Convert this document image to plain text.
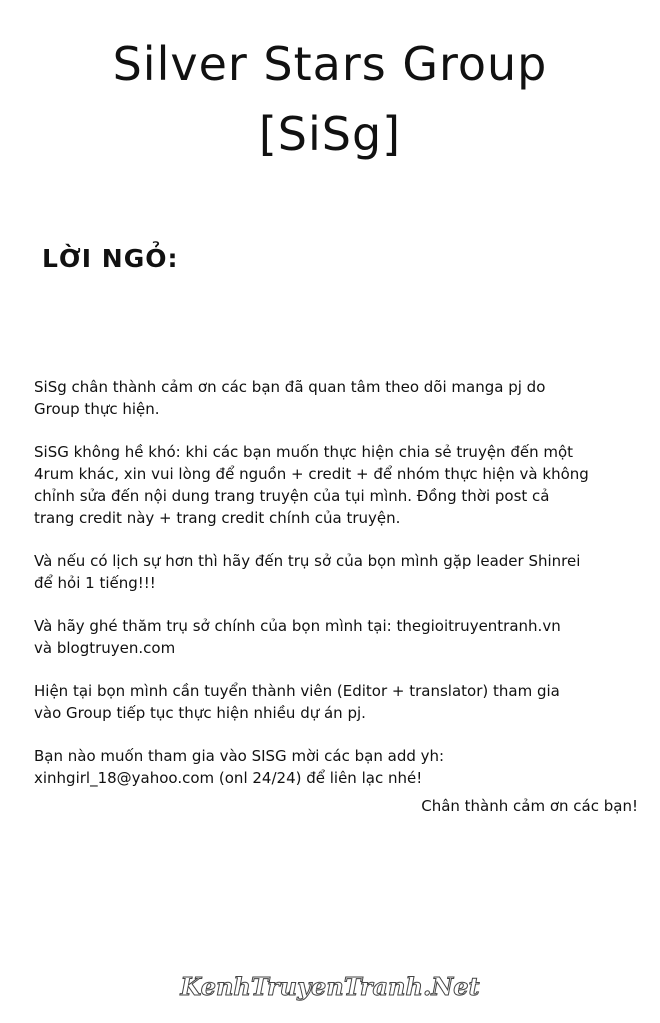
Silver Stars Group
[SiSg]
LỜI NGỎ:

SiSg chân thành cảm ơn các bạn đã quan tâm theo dõi manga pj do
Group thực hiện.

SiSG không hề khó: khi các bạn muốn thực hiện chia sẻ truyện đến một
4rum khác, xin vui lòng để nguồn + credit + để nhóm thực hiện và không
chỉnh sửa đến nội dung trang truyện của tụi mình. Đồng thời post cả
trang credit này + trang credit chính của truyện.

Và nếu có lịch sự hơn thì hãy đến trụ sở của bọn mình gặp leader Shinrei
để hỏi 1 tiếng!!!

Và hãy ghé thăm trụ sở chính của bọn mình tại: thegioitruyentranh.vn
và blogtruyen.com

Hiện tại bọn mình cần tuyển thành viên (Editor + translator) tham gia
vào Group tiếp tục thực hiện nhiều dự án pj.

Bạn nào muốn tham gia vào SISG mời các bạn add yh:
xinhgirl_18@yahoo.com (onl 24/24) để liên lạc nhé!

Chân thành cảm ơn các bạn!
KenhTruyenTranh.Net
